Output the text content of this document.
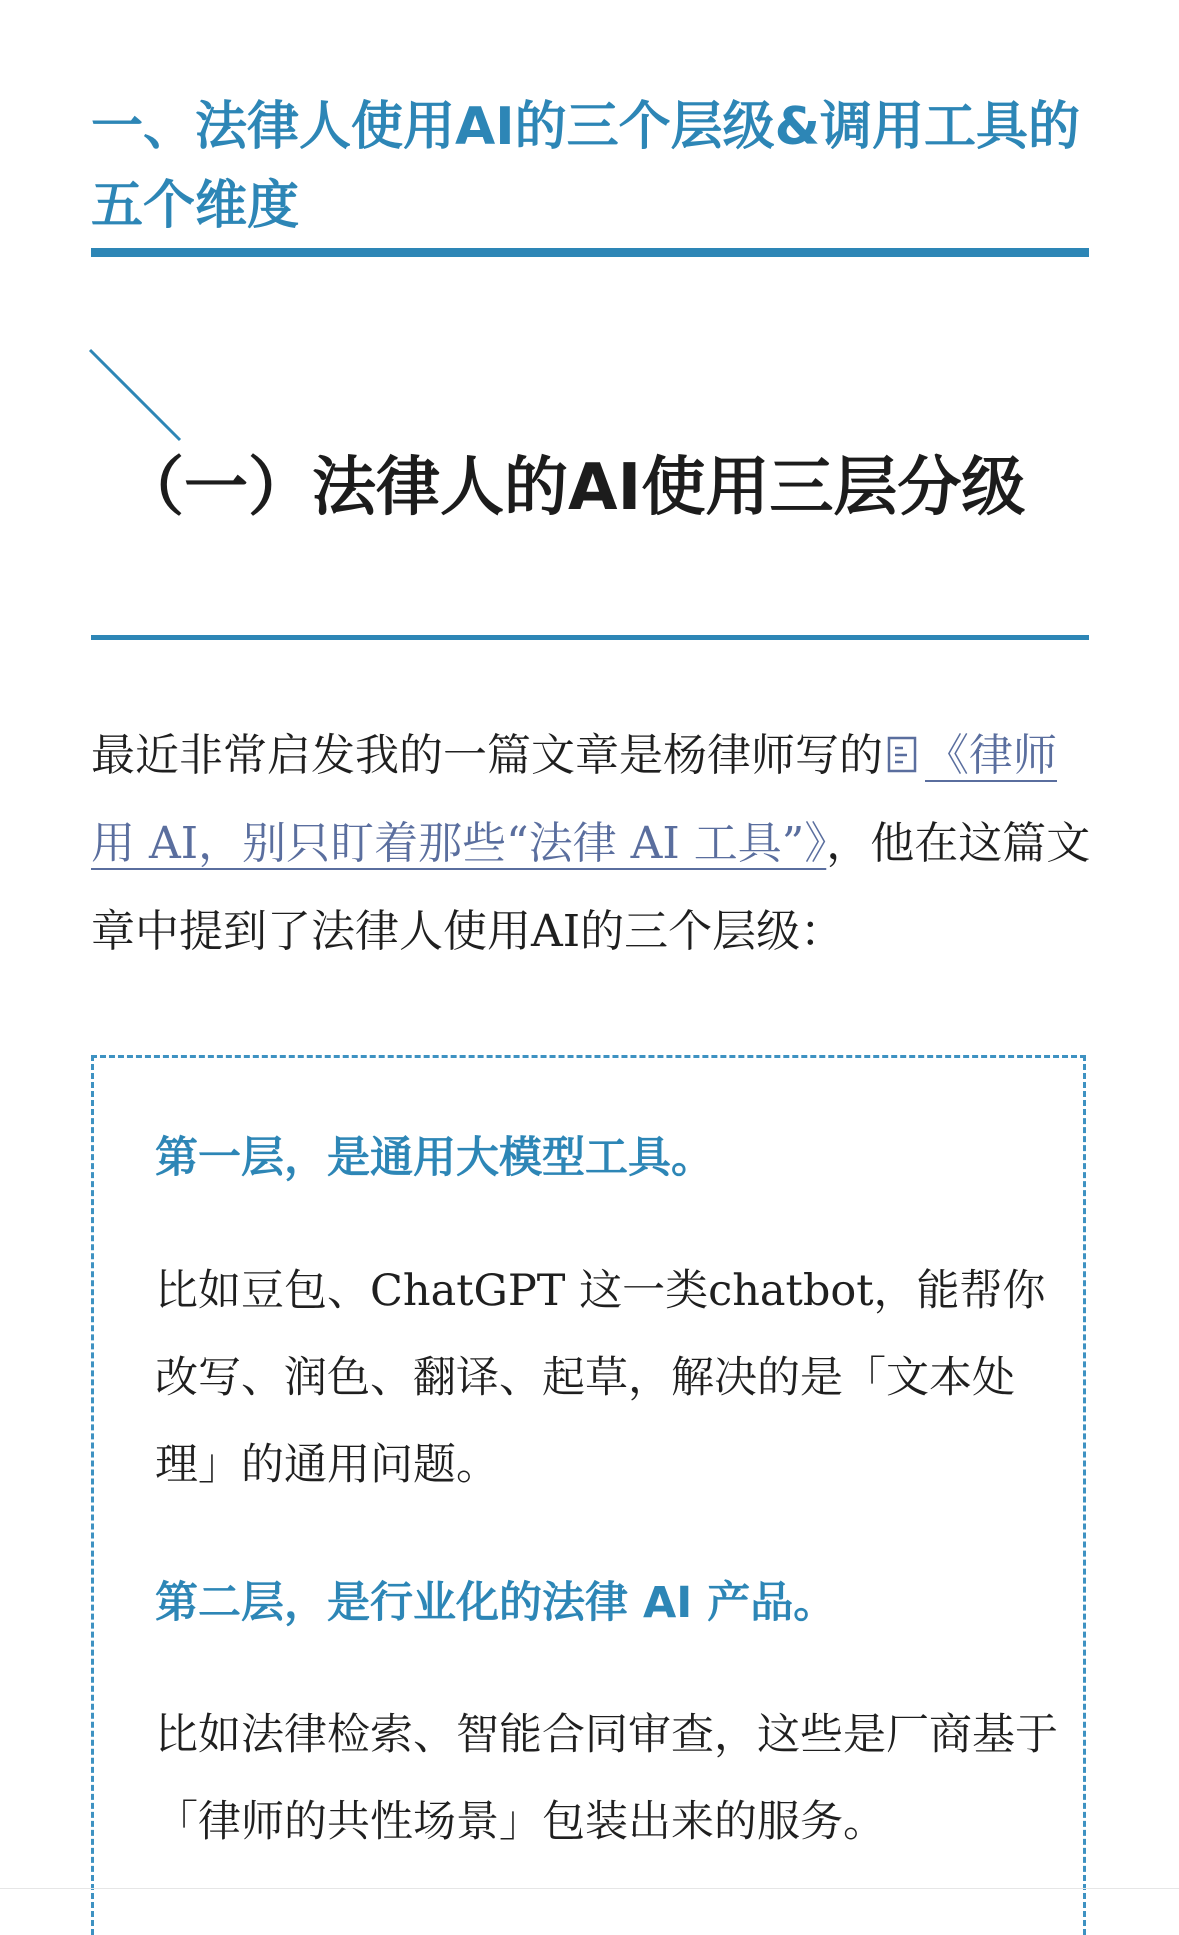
一、法律人使用AI的三个层级&调用工具的五个维度
（一）法律人的AI使用三层分级

最近非常启发我的一篇文章是杨律师写的 《律师用 AI，别只盯着那些“法律 AI 工具”》，他在这篇文章中提到了法律人使用AI的三个层级：

第一层，是通用大模型工具。

比如豆包、ChatGPT 这一类chatbot，能帮你改写、润色、翻译、起草，解决的是「文本处理」的通用问题。

第二层，是行业化的法律 AI 产品。

比如法律检索、智能合同审查，这些是厂商基于「律师的共性场景」包装出来的服务。
